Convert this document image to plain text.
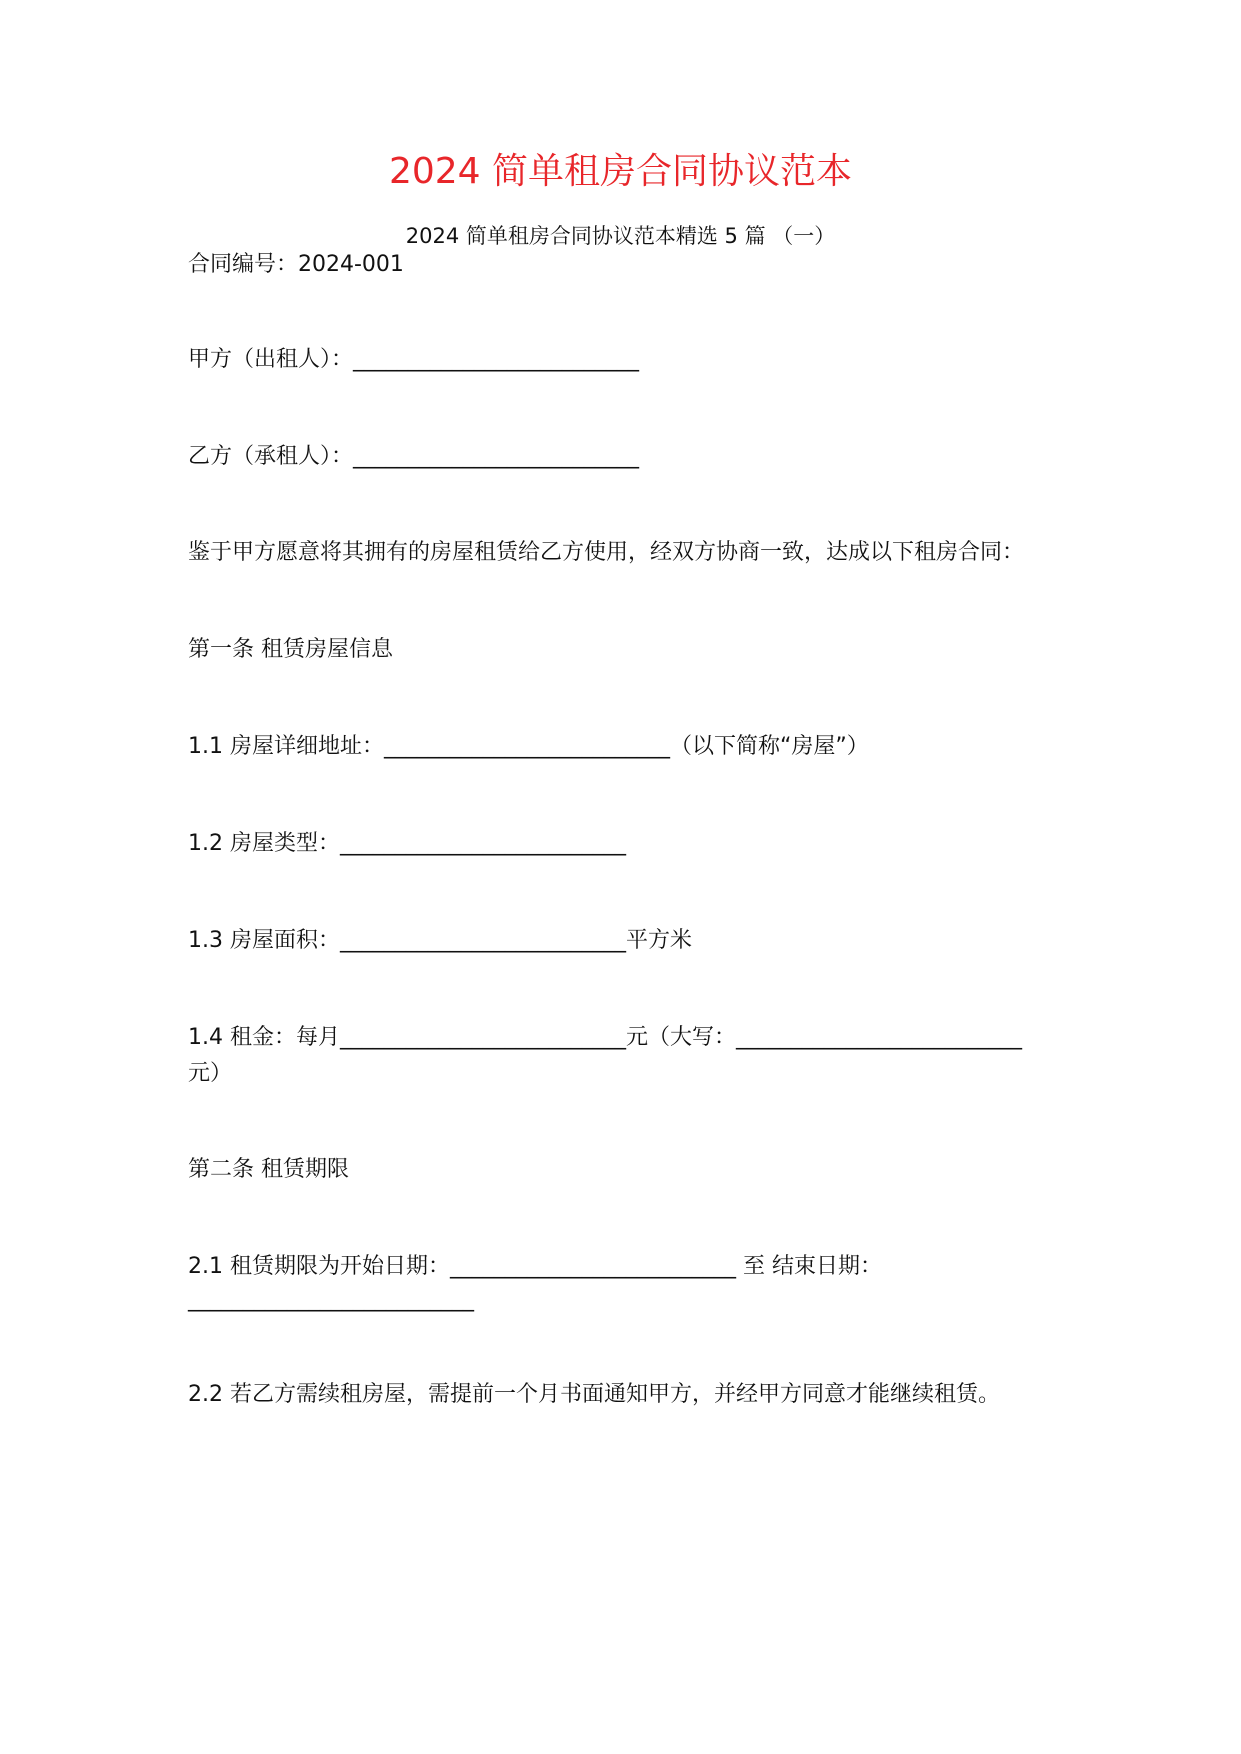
2024 简单租房合同协议范本

2024 简单租房合同协议范本精选 5 篇 （一）

合同编号：2024-001

甲方（出租人）：__________________________

乙方（承租人）：__________________________

鉴于甲方愿意将其拥有的房屋租赁给乙方使用，经双方协商一致，达成以下租房合同：

第一条 租赁房屋信息

1.1 房屋详细地址：__________________________（以下简称“房屋”）

1.2 房屋类型：__________________________

1.3 房屋面积：__________________________平方米

1.4 租金：每月__________________________元（大写：__________________________

元）

第二条 租赁期限

2.1 租赁期限为开始日期：__________________________ 至 结束日期：

__________________________

2.2 若乙方需续租房屋，需提前一个月书面通知甲方，并经甲方同意才能继续租赁。
